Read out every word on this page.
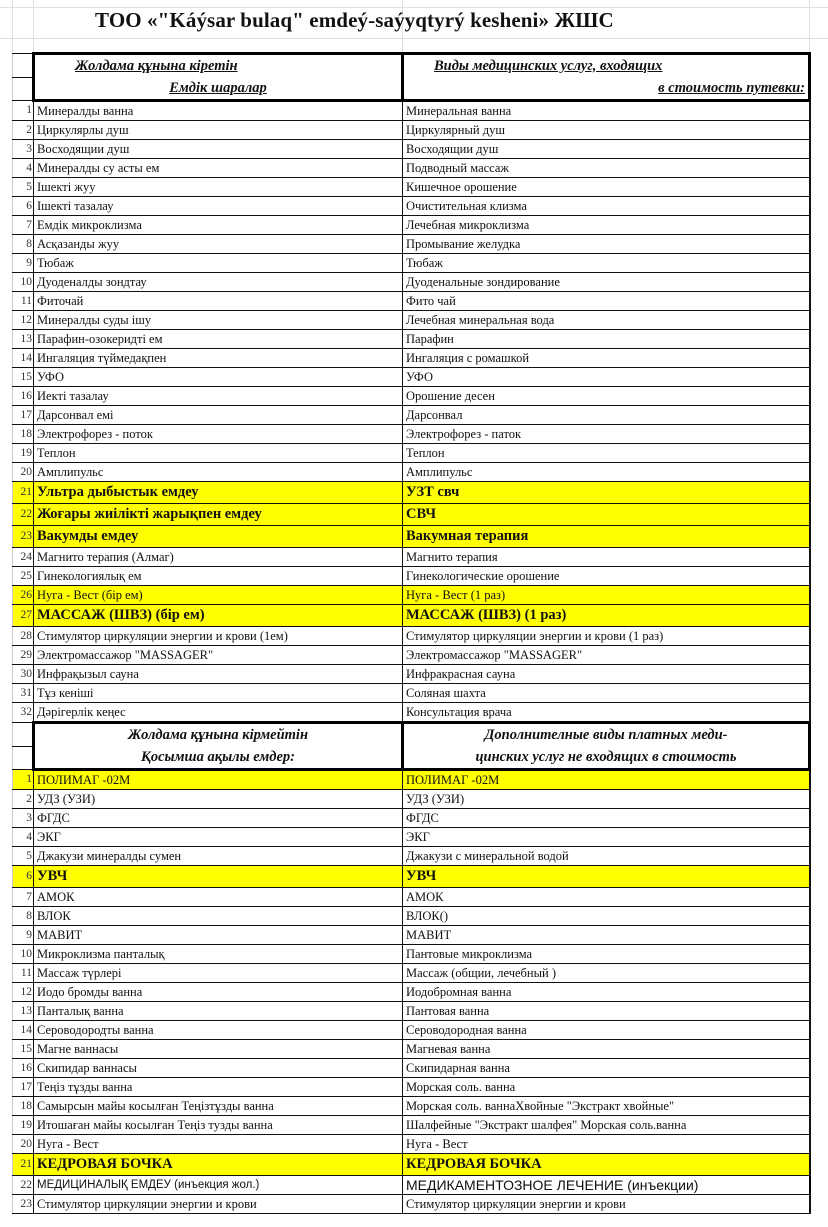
ТОО «"Káýsar bulaq" emdeý-saýyqtyrý keshenі» ЖШС
	Жолдама құнына кіретін	Виды медицинских услуг, входящих
	Емдік шаралар	в стоимость путевки:
1	Минералды ванна	Минеральная ванна
2	Циркулярлы душ	Циркулярный душ
3	Восходящии душ	Восходящии душ
4	Минералды су асты ем	Подводный массаж
5	Ішекті жуу	Кишечное орошение
6	Ішекті тазалау	Очистительная клизма
7	Емдік микроклизма	Лечебная микроклизма
8	Асқазанды жуу	Промывание желудка
9	Тюбаж	Тюбаж
10	Дуоденалды зондтау	Дуоденальные зондирование
11	Фиточай	Фито чай
12	Минералды суды ішу	Лечебная минеральная вода
13	Парафин-озокеридті ем	Парафин
14	Ингаляция түймедақпен	Ингаляция с ромашкой
15	УФО	УФО
16	Иекті тазалау	Орошение десен
17	Дарсонвал емі	Дарсонвал
18	Электрофорез - поток	Электрофорез - паток
19	Теплон	Теплон
20	Амплипульс	Амплипульс
21	Ультра дыбыстык емдеу	УЗТ свч
22	Жоғары жиілікті жарықпен емдеу	СВЧ
23	Вакумды емдеу	Вакумная терапия
24	Магнито терапия (Алмаг)	Магнито терапия
25	Гинекологиялық ем	Гинекологические орошение
26	Нуга - Вест (бір ем)	Нуга - Вест (1 раз)
27	МАССАЖ (ШВЗ) (бір ем)	МАССАЖ (ШВЗ) (1 раз)
28	Стимулятор циркуляции энергии и крови (1ем)	Стимулятор циркуляции энергии и крови (1 раз)
29	Электромассажор "MASSAGER"	Электромассажор "MASSAGER"
30	Инфрақызыл сауна	Инфракрасная сауна
31	Тұз кеніші	Соляная шахта
32	Дәрігерлік кеңес	Консультация врача
	Жолдама құнына кірмейтін	Дополнителные виды платных меди-
	Қосымша ақылы емдер:	цинских услуг не входящих в стоимость
1	ПОЛИМАГ -02М	ПОЛИМАГ -02М
2	УДЗ (УЗИ)	УДЗ (УЗИ)
3	ФГДС	ФГДС
4	ЭКГ	ЭКГ
5	Джакузи минералды сумен	Джакузи с минеральной водой
6	УВЧ	УВЧ
7	АМОК	АМОК
8	ВЛОК	ВЛОК()
9	МАВИТ	МАВИТ
10	Микроклизма панталық	Пантовые микроклизма
11	Массаж түрлері	Массаж (общии, лечебный )
12	Иодо бромды ванна	Иодобромная ванна
13	Панталық ванна	Пантовая ванна
14	Сероводородты ванна	Сероводородная ванна
15	Магне ваннасы	Магневая ванна
16	Скипидар ваннасы	Скипидарная ванна
17	Теңіз тұзды ванна	Морская соль. ванна
18	Самырсын майы косылған Теңізтұзды ванна	Морская соль. ваннаХвойные "Экстракт хвойные"
19	Итошаған майы косылған Теңіз тузды ванна	Шалфейные "Экстракт шалфея" Морская соль.ванна
20	Нуга - Вест	Нуга - Вест
21	КЕДРОВАЯ БОЧКА	КЕДРОВАЯ БОЧКА
22	МЕДИЦИНАЛЫҚ ЕМДЕУ (инъекция жол.)	МЕДИКАМЕНТОЗНОЕ ЛЕЧЕНИЕ (инъекции)
23	Стимулятор циркуляции энергии и крови	Стимулятор циркуляции энергии и крови
